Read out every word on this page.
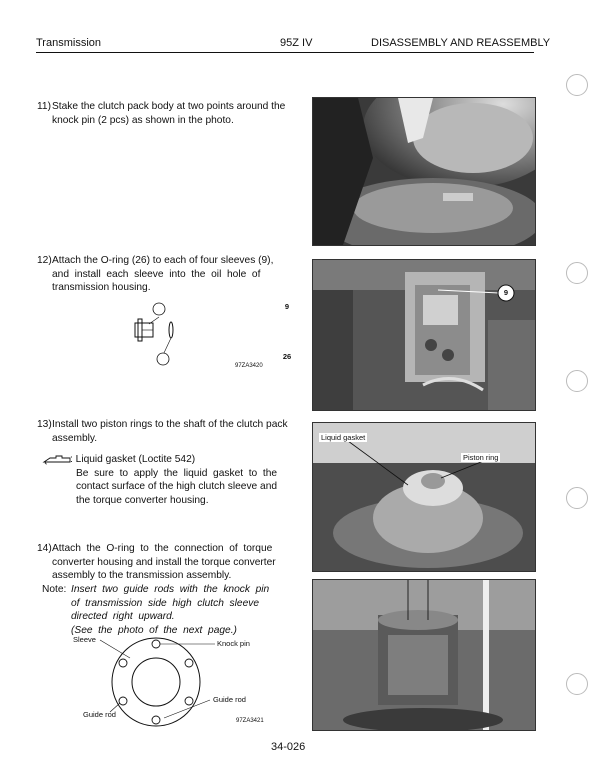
Transmission	95Z IV	DISASSEMBLY AND REASSEMBLY
11) Stake the clutch pack body at two points around the
knock pin (2 pcs) as shown in the photo.
12) Attach the O-ring (26) to each of four sleeves (9),
and  install  each  sleeve  into  the  oil  hole  of
transmission housing.
9
26
97ZA3420
13) Install two piston rings to the shaft of the clutch pack
assembly.
: Liquid gasket (Loctite 542)
Be  sure  to  apply  the  liquid  gasket  to  the
contact surface of the high clutch sleeve and
the torque converter housing.
14) Attach  the  O-ring  to  the  connection  of  torque
converter housing and install the torque converter
assembly to the transmission assembly.
Note: Insert  two  guide  rods  with  the  knock  pin
of  transmission  side  high  clutch  sleeve
directed  right  upward.
(See  the  photo  of  the  next  page.)
Sleeve	Knock pin
Guide rod
Guide rod
97ZA3421
9
Liquid gasket
Piston ring
34-026
